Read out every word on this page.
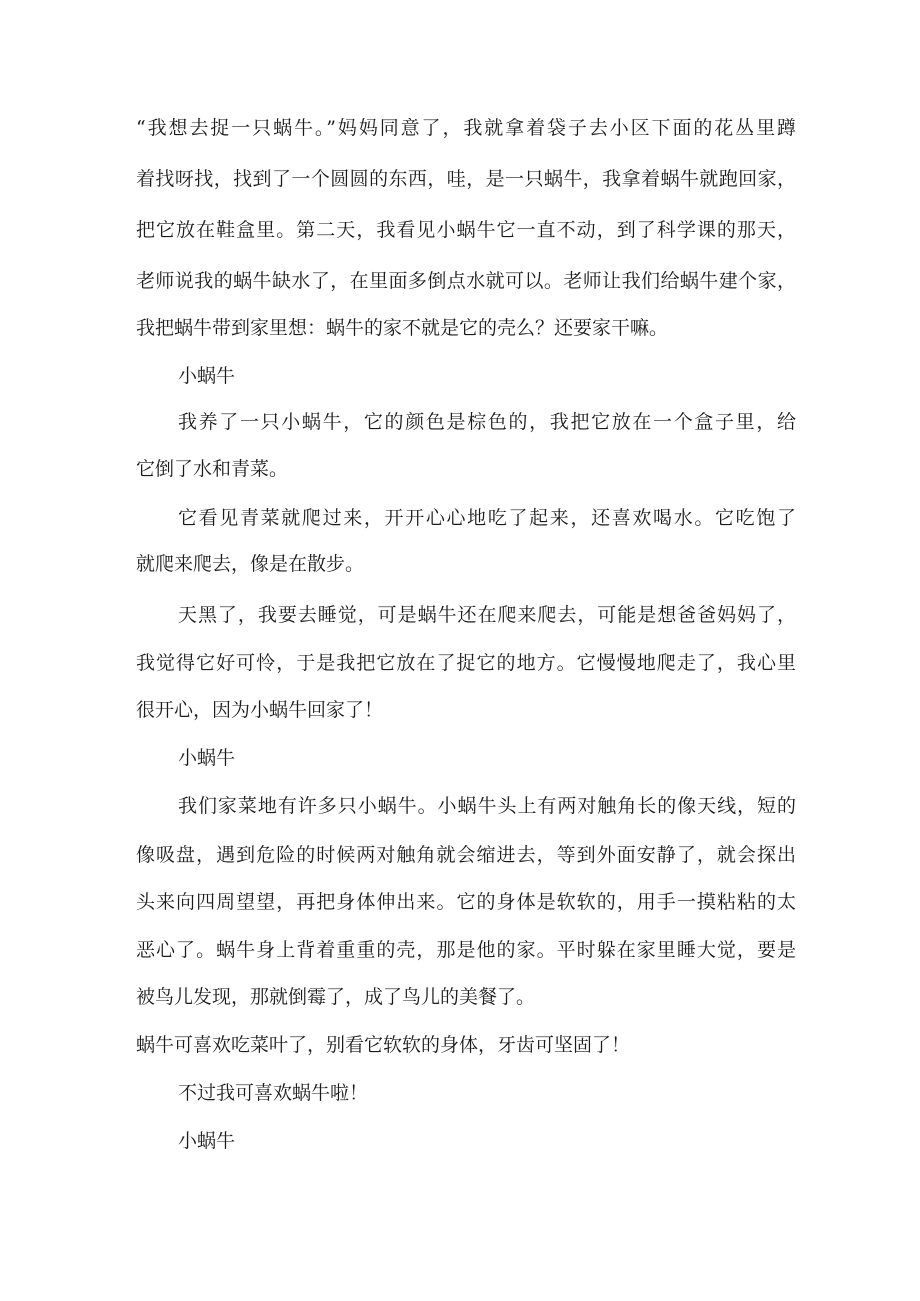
“我想去捉一只蜗牛。”妈妈同意了，我就拿着袋子去小区下面的花丛里蹲
着找呀找，找到了一个圆圆的东西，哇，是一只蜗牛，我拿着蜗牛就跑回家，
把它放在鞋盒里。第二天，我看见小蜗牛它一直不动，到了科学课的那天，
老师说我的蜗牛缺水了，在里面多倒点水就可以。老师让我们给蜗牛建个家，
我把蜗牛带到家里想：蜗牛的家不就是它的壳么？还要家干嘛。
小蜗牛
我养了一只小蜗牛，它的颜色是棕色的，我把它放在一个盒子里，给
它倒了水和青菜。
它看见青菜就爬过来，开开心心地吃了起来，还喜欢喝水。它吃饱了
就爬来爬去，像是在散步。
天黑了，我要去睡觉，可是蜗牛还在爬来爬去，可能是想爸爸妈妈了，
我觉得它好可怜，于是我把它放在了捉它的地方。它慢慢地爬走了，我心里
很开心，因为小蜗牛回家了！
小蜗牛
我们家菜地有许多只小蜗牛。小蜗牛头上有两对触角长的像天线，短的
像吸盘，遇到危险的时候两对触角就会缩进去，等到外面安静了，就会探出
头来向四周望望，再把身体伸出来。它的身体是软软的，用手一摸粘粘的太
恶心了。蜗牛身上背着重重的壳，那是他的家。平时躲在家里睡大觉，要是
被鸟儿发现，那就倒霉了，成了鸟儿的美餐了。
蜗牛可喜欢吃菜叶了，别看它软软的身体，牙齿可坚固了！
不过我可喜欢蜗牛啦！
小蜗牛
